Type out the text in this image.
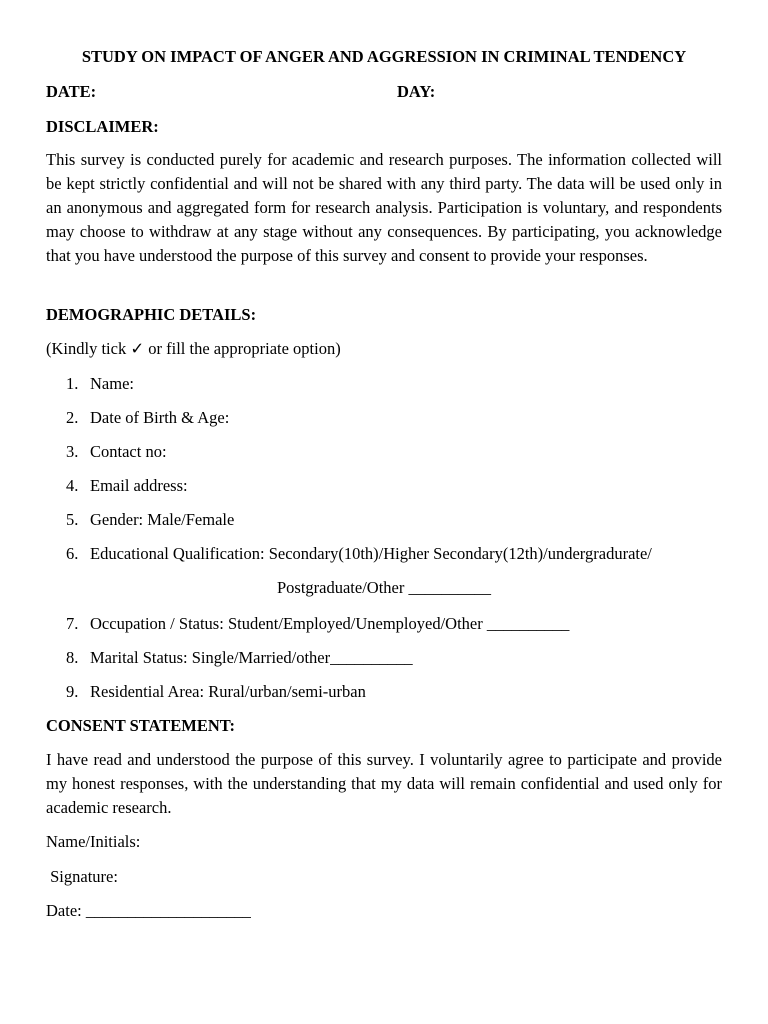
STUDY ON IMPACT OF ANGER AND AGGRESSION IN CRIMINAL TENDENCY
DATE:	DAY:
DISCLAIMER:

This survey is conducted purely for academic and research purposes. The information collected will be kept strictly confidential and will not be shared with any third party. The data will be used only in an anonymous and aggregated form for research analysis. Participation is voluntary, and respondents may choose to withdraw at any stage without any consequences. By participating, you acknowledge that you have understood the purpose of this survey and consent to provide your responses.

DEMOGRAPHIC DETAILS:
(Kindly tick ✓ or fill the appropriate option)
1. Name:
2. Date of Birth & Age:
3. Contact no:
4. Email address:
5. Gender: Male/Female
6. Educational Qualification: Secondary(10th)/Higher Secondary(12th)/undergradurate/
Postgraduate/Other __________
7. Occupation / Status: Student/Employed/Unemployed/Other __________
8. Marital Status: Single/Married/other__________
9. Residential Area: Rural/urban/semi-urban
CONSENT STATEMENT:

I have read and understood the purpose of this survey. I voluntarily agree to participate and provide my honest responses, with the understanding that my data will remain confidential and used only for academic research.

Name/Initials:
Signature:
Date: ____________________
